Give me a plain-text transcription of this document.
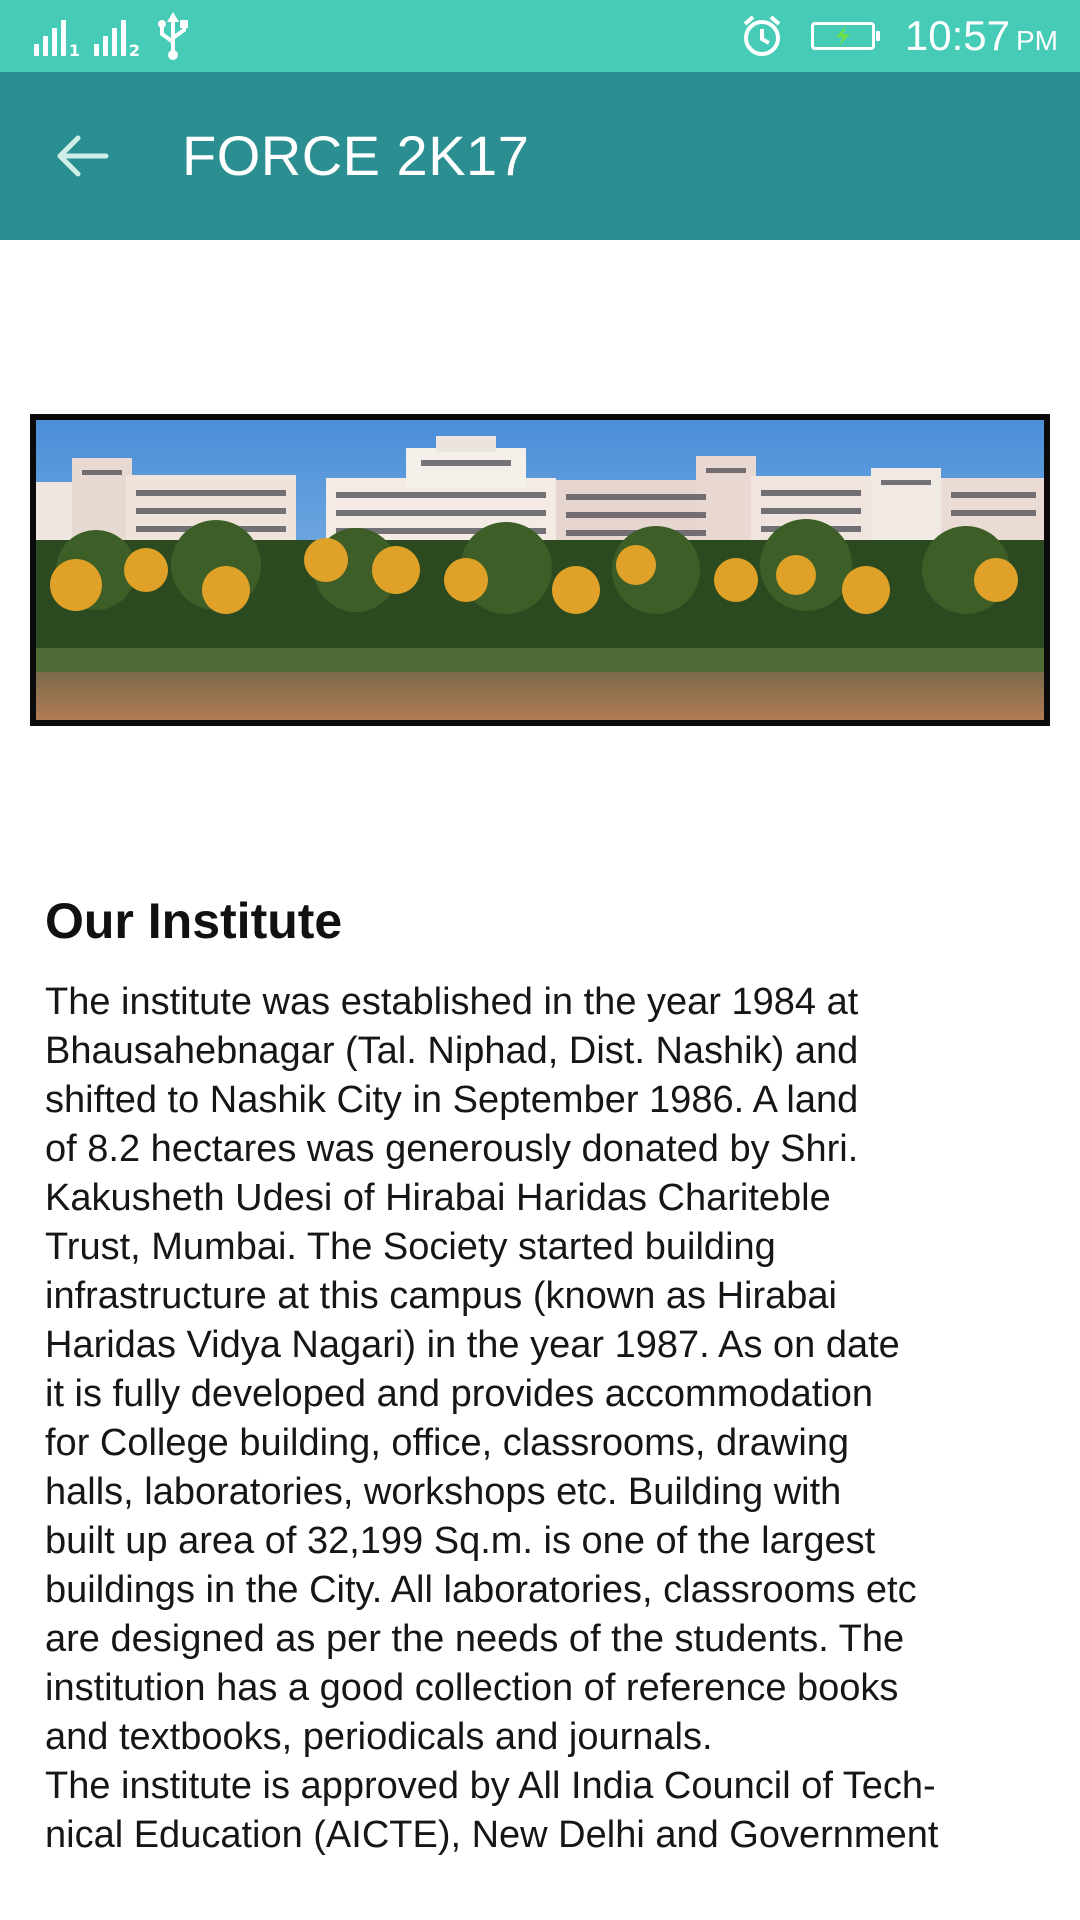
1	2	10:57 PM
FORCE 2K17
Our Institute

The institute was established in the year 1984 at
Bhausahebnagar (Tal. Niphad, Dist. Nashik) and
shifted to Nashik City in September 1986. A land
of 8.2 hectares was generously donated by Shri.
Kakusheth Udesi of Hirabai Haridas Chariteble
Trust, Mumbai. The Society started building
infrastructure at this campus (known as Hirabai
Haridas Vidya Nagari) in the year 1987. As on date
it is fully developed and provides accommodation
for College building, office, classrooms, drawing
halls, laboratories, workshops etc. Building with
built up area of 32,199 Sq.m. is one of the largest
buildings in the City. All laboratories, classrooms etc
are designed as per the needs of the students. The
institution has a good collection of reference books
and textbooks, periodicals and journals.
The institute is approved by All India Council of Tech-
nical Education (AICTE), New Delhi and Government
